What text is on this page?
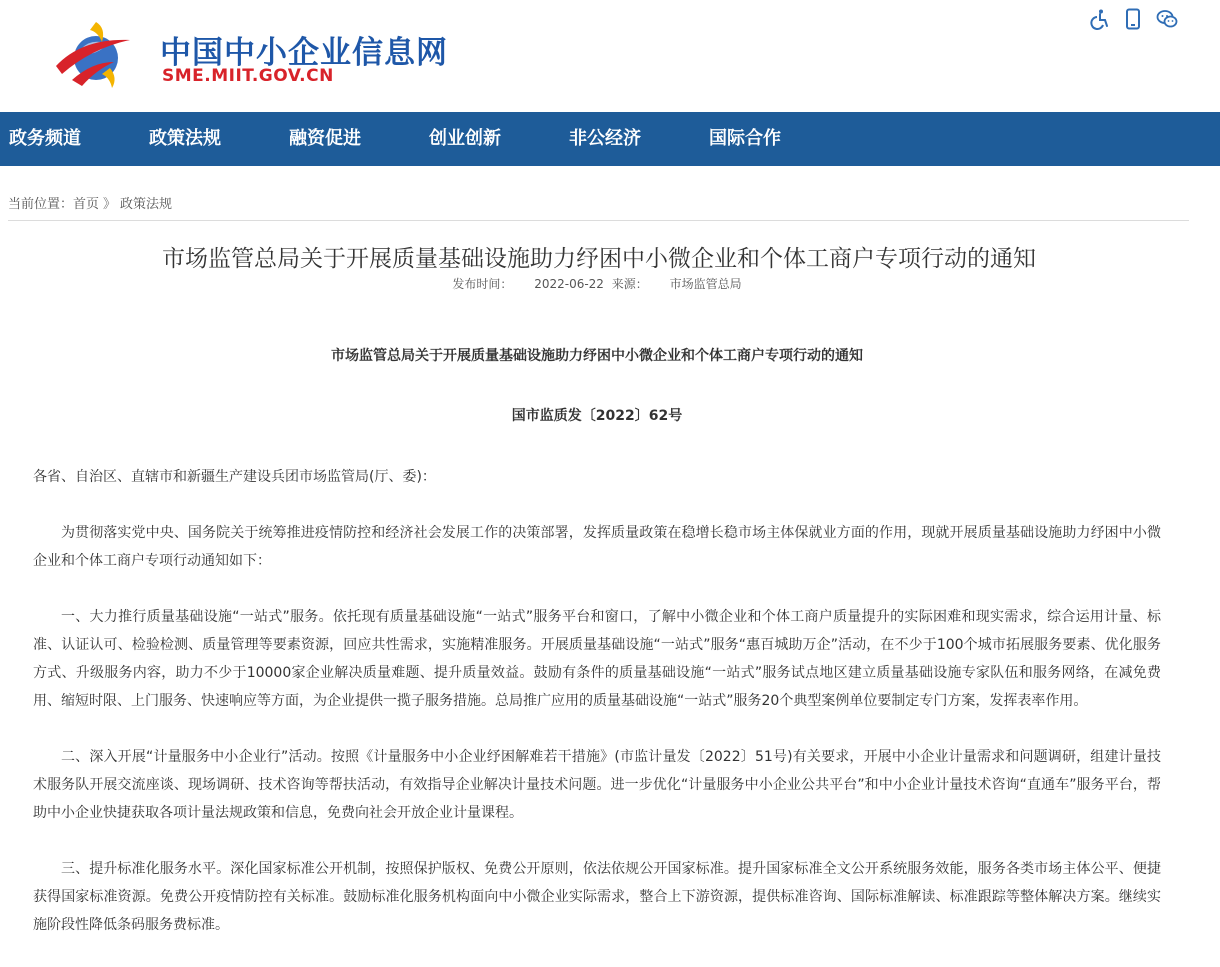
中国中小企业信息网
SME.MIIT.GOV.CN
政务频道	政策法规	融资促进	创业创新	非公经济	国际合作
当前位置：首页 》 政策法规
市场监管总局关于开展质量基础设施助力纾困中小微企业和个体工商户专项行动的通知
发布时间： 2022-06-22 来源： 市场监管总局
市场监管总局关于开展质量基础设施助力纾困中小微企业和个体工商户专项行动的通知
国市监质发〔2022〕62号

各省、自治区、直辖市和新疆生产建设兵团市场监管局(厅、委)：

为贯彻落实党中央、国务院关于统筹推进疫情防控和经济社会发展工作的决策部署，发挥质量政策在稳增长稳市场主体保就业方面的作用，现就开展质量基础设施助力纾困中小微企业和个体工商户专项行动通知如下：

一、大力推行质量基础设施“一站式”服务。依托现有质量基础设施“一站式”服务平台和窗口，了解中小微企业和个体工商户质量提升的实际困难和现实需求，综合运用计量、标准、认证认可、检验检测、质量管理等要素资源，回应共性需求，实施精准服务。开展质量基础设施“一站式”服务“惠百城助万企”活动，在不少于100个城市拓展服务要素、优化服务方式、升级服务内容，助力不少于10000家企业解决质量难题、提升质量效益。鼓励有条件的质量基础设施“一站式”服务试点地区建立质量基础设施专家队伍和服务网络，在减免费用、缩短时限、上门服务、快速响应等方面，为企业提供一揽子服务措施。总局推广应用的质量基础设施“一站式”服务20个典型案例单位要制定专门方案，发挥表率作用。

二、深入开展“计量服务中小企业行”活动。按照《计量服务中小企业纾困解难若干措施》(市监计量发〔2022〕51号)有关要求，开展中小企业计量需求和问题调研，组建计量技术服务队开展交流座谈、现场调研、技术咨询等帮扶活动，有效指导企业解决计量技术问题。进一步优化“计量服务中小企业公共平台”和中小企业计量技术咨询“直通车”服务平台，帮助中小企业快捷获取各项计量法规政策和信息，免费向社会开放企业计量课程。

三、提升标准化服务水平。深化国家标准公开机制，按照保护版权、免费公开原则，依法依规公开国家标准。提升国家标准全文公开系统服务效能，服务各类市场主体公平、便捷获得国家标准资源。免费公开疫情防控有关标准。鼓励标准化服务机构面向中小微企业实际需求，整合上下游资源，提供标准咨询、国际标准解读、标准跟踪等整体解决方案。继续实施阶段性降低条码服务费标准。
